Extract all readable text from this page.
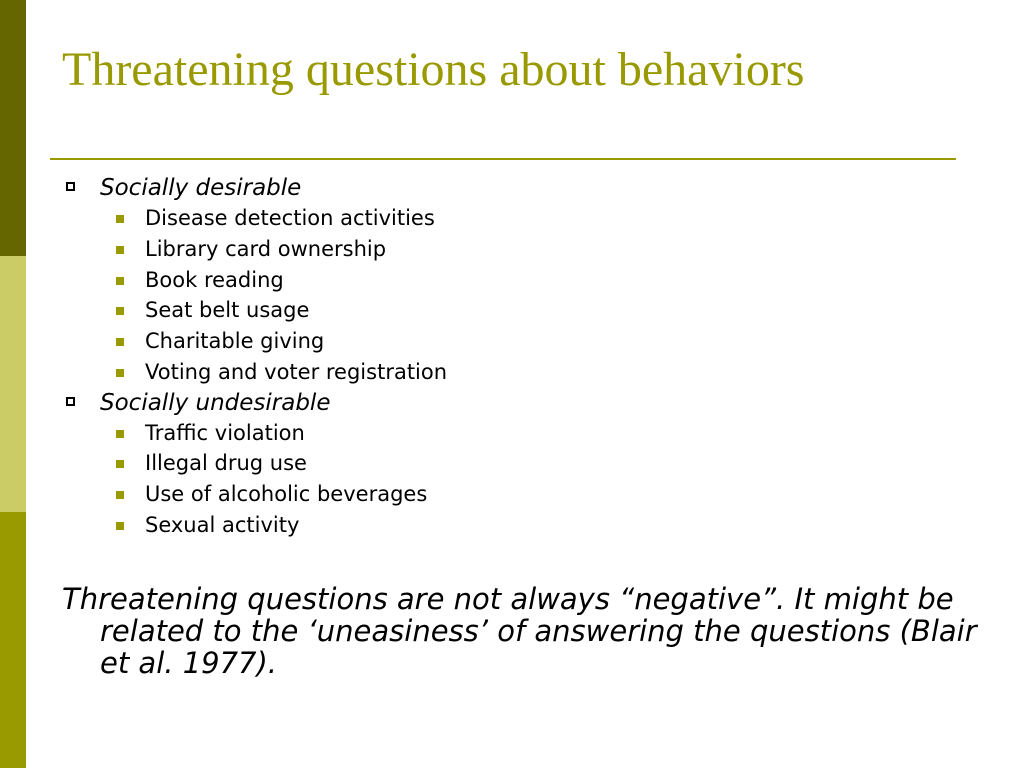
Threatening questions about behaviors
Socially desirable
Disease detection activities
Library card ownership
Book reading
Seat belt usage
Charitable giving
Voting and voter registration
Socially undesirable
Traffic violation
Illegal drug use
Use of alcoholic beverages
Sexual activity

Threatening questions are not always “negative”. It might be related to the ‘uneasiness’ of answering the questions (Blair et al. 1977).
